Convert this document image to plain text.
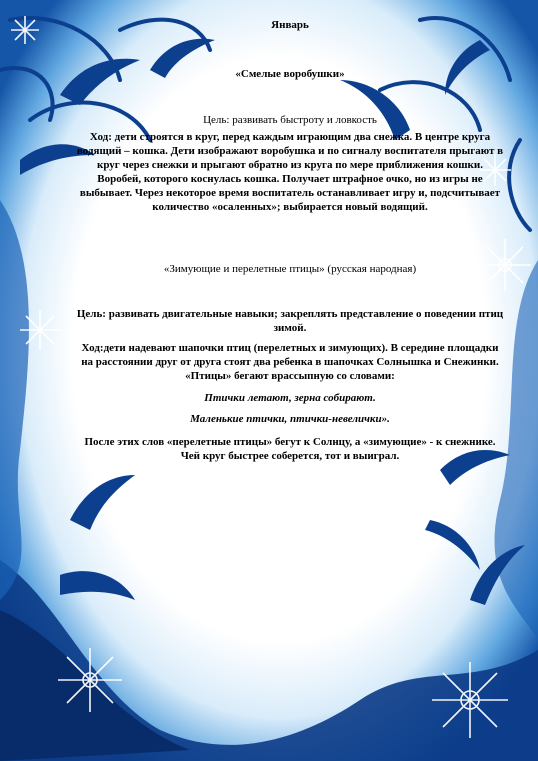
Январь
«Смелые воробушки»
Цель: развивать быстроту и ловкость
Ход: дети строятся в круг, перед каждым играющим два снежка. В центре круга водящий – кошка. Дети изображают воробушка и по сигналу воспитателя прыгают в круг через снежки и прыгают обратно из круга по мере приближения кошки. Воробей, которого коснулась кошка. Получает штрафное очко, но из игры не выбывает. Через некоторое время воспитатель останавливает игру и, подсчитывает количество «осаленных»; выбирается новый водящий.
«Зимующие и перелетные птицы» (русская народная)
Цель: развивать двигательные навыки; закреплять представление о поведении птиц зимой.
Ход:дети надевают шапочки птиц (перелетных и зимующих). В середине площадки на расстоянии друг от друга стоят два ребенка в шапочках Солнышка и Снежинки. «Птицы» бегают врассыпную со словами:
Птички летают, зерна собирают.
Маленькие птички, птички-невелички».
После этих слов «перелетные птицы» бегут к Солнцу, а «зимующие» - к снежнике. Чей круг быстрее соберется, тот и выиграл.
